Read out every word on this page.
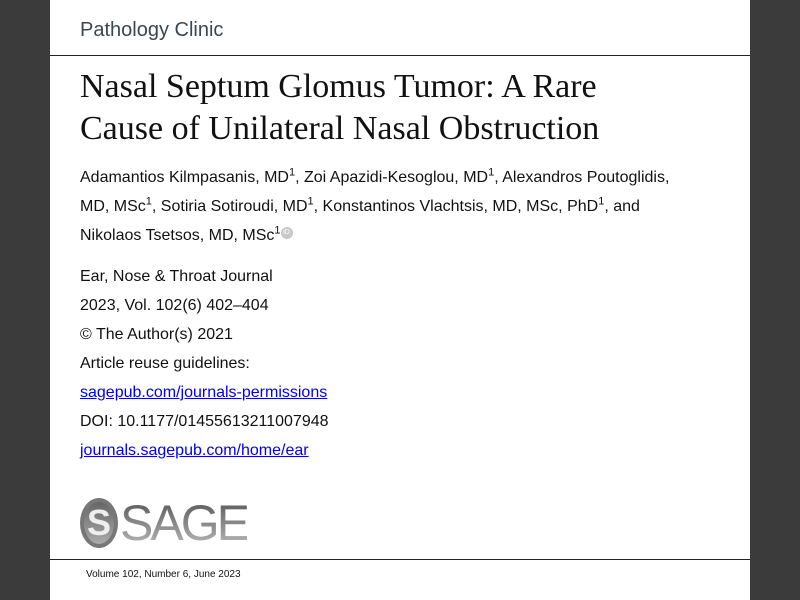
Pathology Clinic
Nasal Septum Glomus Tumor: A Rare
Cause of Unilateral Nasal Obstruction
Adamantios Kilmpasanis, $MD^1$, Zoi Apazidi-Kesoglou, $MD^1$, Alexandros Poutoglidis, MD, MSc$^1$, Sotiria Sotiroudi, $MD^1$, Konstantinos Vlachtsis, MD, MSc, PhD$^1$, and Nikolaos Tsetsos, MD, MSc$^1$ iD
Ear, Nose & Throat Journal
2023, Vol. 102(6) 402–404
© The Author(s) 2021
Article reuse guidelines:
sagepub.com/journals-permissions
DOI: 10.1177/01455613211007948
journals.sagepub.com/home/ear
S SAGE
Volume 102, Number 6, June 2023
